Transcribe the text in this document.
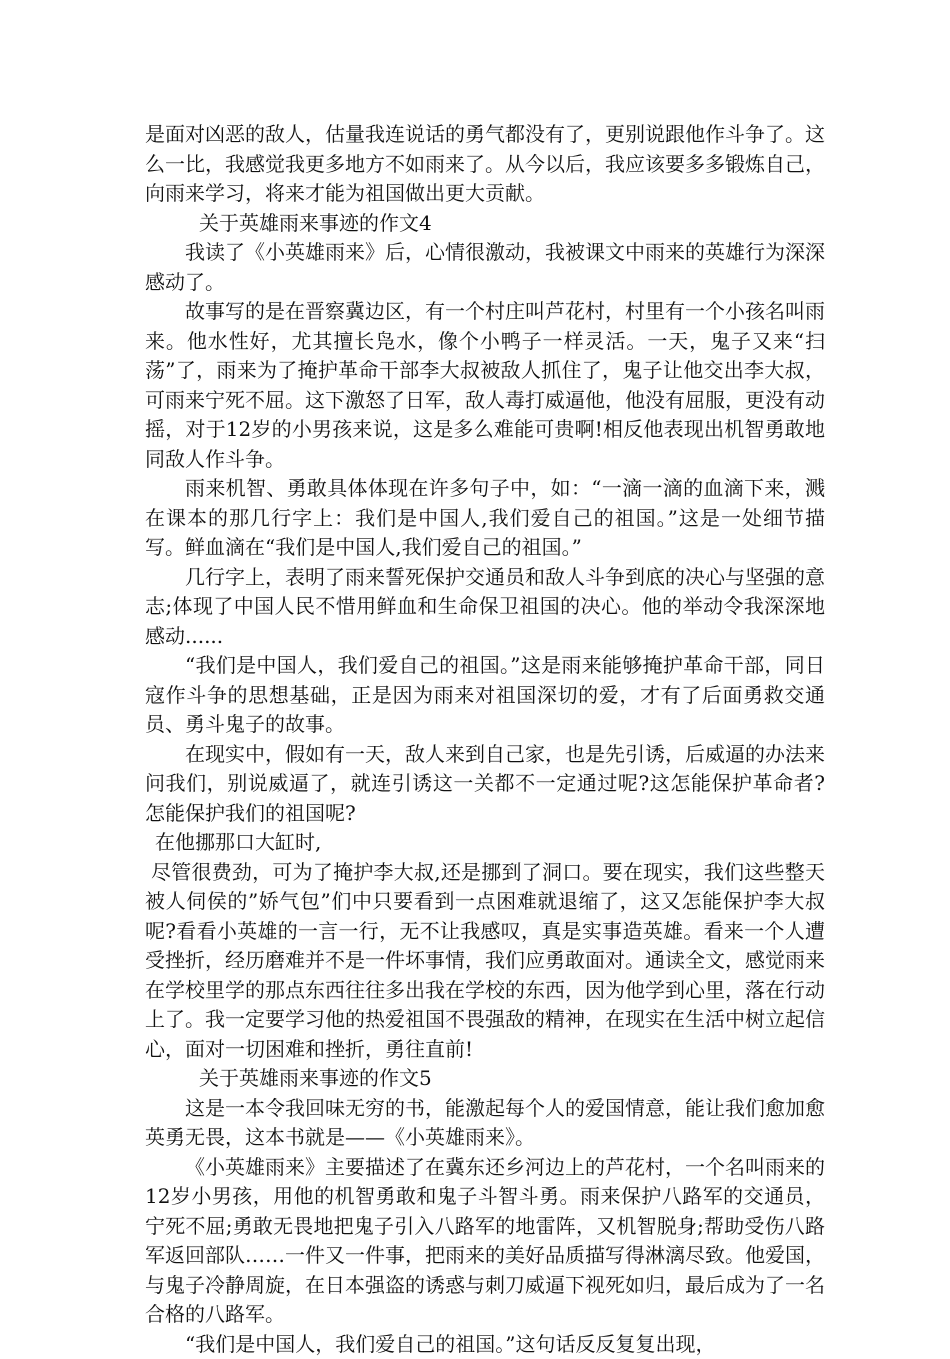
是面对凶恶的敌人，估量我连说话的勇气都没有了，更别说跟他作斗争了。这么一比，我感觉我更多地方不如雨来了。从今以后，我应该要多多锻炼自己，向雨来学习，将来才能为祖国做出更大贡献。

关于英雄雨来事迹的作文4

我读了《小英雄雨来》后，心情很激动，我被课文中雨来的英雄行为深深感动了。

故事写的是在晋察冀边区，有一个村庄叫芦花村，村里有一个小孩名叫雨来。他水性好，尤其擅长凫水，像个小鸭子一样灵活。一天，鬼子又来“扫荡”了，雨来为了掩护革命干部李大叔被敌人抓住了，鬼子让他交出李大叔，可雨来宁死不屈。这下激怒了日军，敌人毒打威逼他，他没有屈服，更没有动摇，对于12岁的小男孩来说，这是多么难能可贵啊!相反他表现出机智勇敢地同敌人作斗争。

雨来机智、勇敢具体体现在许多句子中，如：“一滴一滴的血滴下来，溅在课本的那几行字上：我们是中国人,我们爱自己的祖国。”这是一处细节描写。鲜血滴在“我们是中国人,我们爱自己的祖国。”

几行字上，表明了雨来誓死保护交通员和敌人斗争到底的决心与坚强的意志;体现了中国人民不惜用鲜血和生命保卫祖国的决心。他的举动令我深深地感动......

“我们是中国人，我们爱自己的祖国。”这是雨来能够掩护革命干部，同日寇作斗争的思想基础，正是因为雨来对祖国深切的爱，才有了后面勇救交通员、勇斗鬼子的故事。

在现实中，假如有一天，敌人来到自己家，也是先引诱，后威逼的办法来问我们，别说威逼了，就连引诱这一关都不一定通过呢?这怎能保护革命者?怎能保护我们的祖国呢?

在他挪那口大缸时,

尽管很费劲，可为了掩护李大叔,还是挪到了洞口。要在现实，我们这些整天被人伺侯的”娇气包”们中只要看到一点困难就退缩了，这又怎能保护李大叔呢?看看小英雄的一言一行，无不让我感叹，真是实事造英雄。看来一个人遭受挫折，经历磨难并不是一件坏事情，我们应勇敢面对。通读全文，感觉雨来在学校里学的那点东西往往多出我在学校的东西，因为他学到心里，落在行动上了。我一定要学习他的热爱祖国不畏强敌的精神，在现实在生活中树立起信心，面对一切困难和挫折，勇往直前!

关于英雄雨来事迹的作文5

这是一本令我回味无穷的书，能激起每个人的爱国情意，能让我们愈加愈英勇无畏，这本书就是——《小英雄雨来》。

《小英雄雨来》主要描述了在冀东还乡河边上的芦花村，一个名叫雨来的12岁小男孩，用他的机智勇敢和鬼子斗智斗勇。雨来保护八路军的交通员，宁死不屈;勇敢无畏地把鬼子引入八路军的地雷阵，又机智脱身;帮助受伤八路军返回部队……一件又一件事，把雨来的美好品质描写得淋漓尽致。他爱国，与鬼子冷静周旋，在日本强盗的诱惑与刺刀威逼下视死如归，最后成为了一名合格的八路军。

“我们是中国人，我们爱自己的祖国。”这句话反反复复出现，
